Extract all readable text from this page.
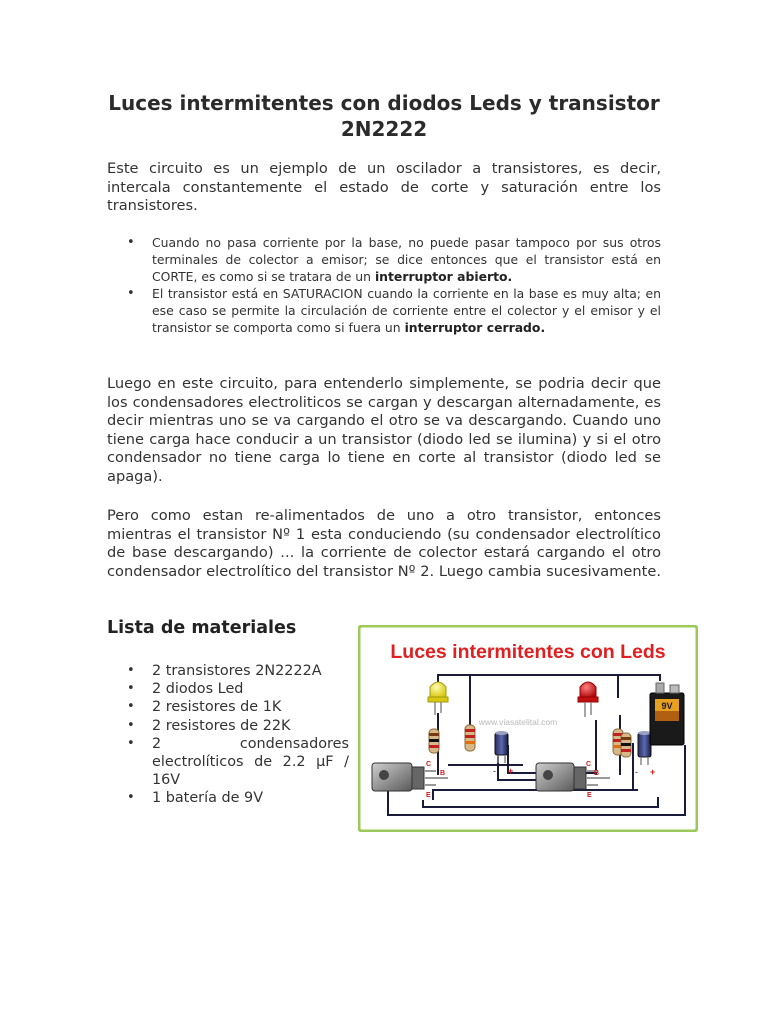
Luces intermitentes con diodos Leds y transistor 2N2222

Este circuito es un ejemplo de un oscilador a transistores, es decir, intercala constantemente el estado de corte y saturación entre los transistores.

• Cuando no pasa corriente por la base, no puede pasar tampoco por sus otros terminales de colector a emisor; se dice entonces que el transistor está en CORTE, es como si se tratara de un interruptor abierto.
• El transistor está en SATURACION cuando la corriente en la base es muy alta; en ese caso se permite la circulación de corriente entre el colector y el emisor y el transistor se comporta como si fuera un interruptor cerrado.

Luego en este circuito, para entenderlo simplemente, se podria decir que los condensadores electroliticos se cargan y descargan alternadamente, es decir mientras uno se va cargando el otro se va descargando. Cuando uno tiene carga hace conducir a un transistor (diodo led se ilumina) y si el otro condensador no tiene carga lo tiene en corte al transistor (diodo led se apaga).

Pero como estan re-alimentados de uno a otro transistor, entonces mientras el transistor Nº 1 esta conduciendo (su condensador electrolítico de base descargando) ... la corriente de colector estará cargando el otro condensador electrolítico del transistor Nº 2. Luego cambia sucesivamente.

Lista de materiales
• 2 transistores 2N2222A
• 2 diodos Led
• 2 resistores de 1K
• 2 resistores de 22K
• 2 condensadores electrolíticos de 2.2 µF / 16V
• 1 batería de 9V
Luces intermitentes con Leds
www.viasatelital.com
- +	- +
9V
C
B
E
C
B
E
